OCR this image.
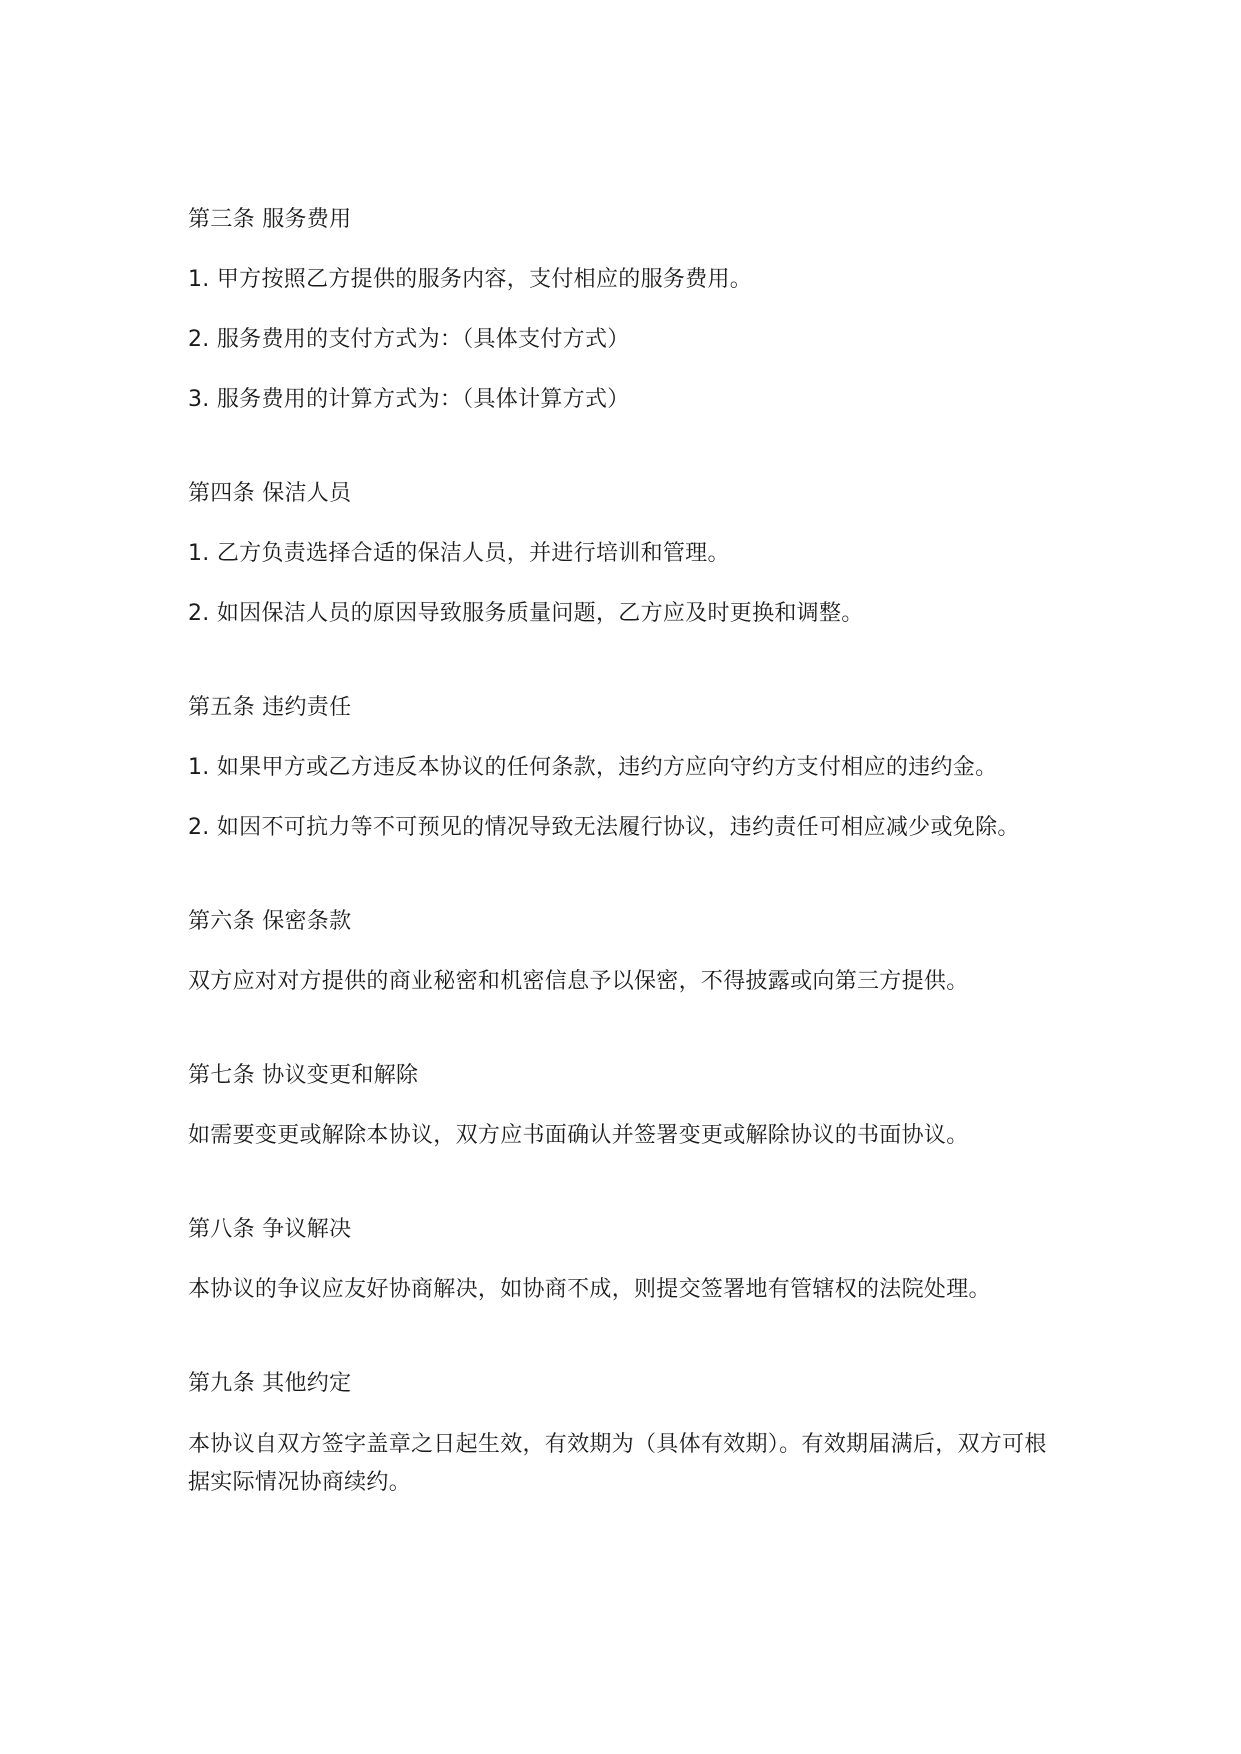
第三条 服务费用
1. 甲方按照乙方提供的服务内容，支付相应的服务费用。
2. 服务费用的支付方式为：（具体支付方式）
3. 服务费用的计算方式为：（具体计算方式）
第四条 保洁人员
1. 乙方负责选择合适的保洁人员，并进行培训和管理。
2. 如因保洁人员的原因导致服务质量问题，乙方应及时更换和调整。
第五条 违约责任
1. 如果甲方或乙方违反本协议的任何条款，违约方应向守约方支付相应的违约金。
2. 如因不可抗力等不可预见的情况导致无法履行协议，违约责任可相应减少或免除。
第六条 保密条款
双方应对对方提供的商业秘密和机密信息予以保密，不得披露或向第三方提供。
第七条 协议变更和解除
如需要变更或解除本协议，双方应书面确认并签署变更或解除协议的书面协议。
第八条 争议解决
本协议的争议应友好协商解决，如协商不成，则提交签署地有管辖权的法院处理。
第九条 其他约定
本协议自双方签字盖章之日起生效，有效期为（具体有效期）。有效期届满后，双方可根据实际情况协商续约。
